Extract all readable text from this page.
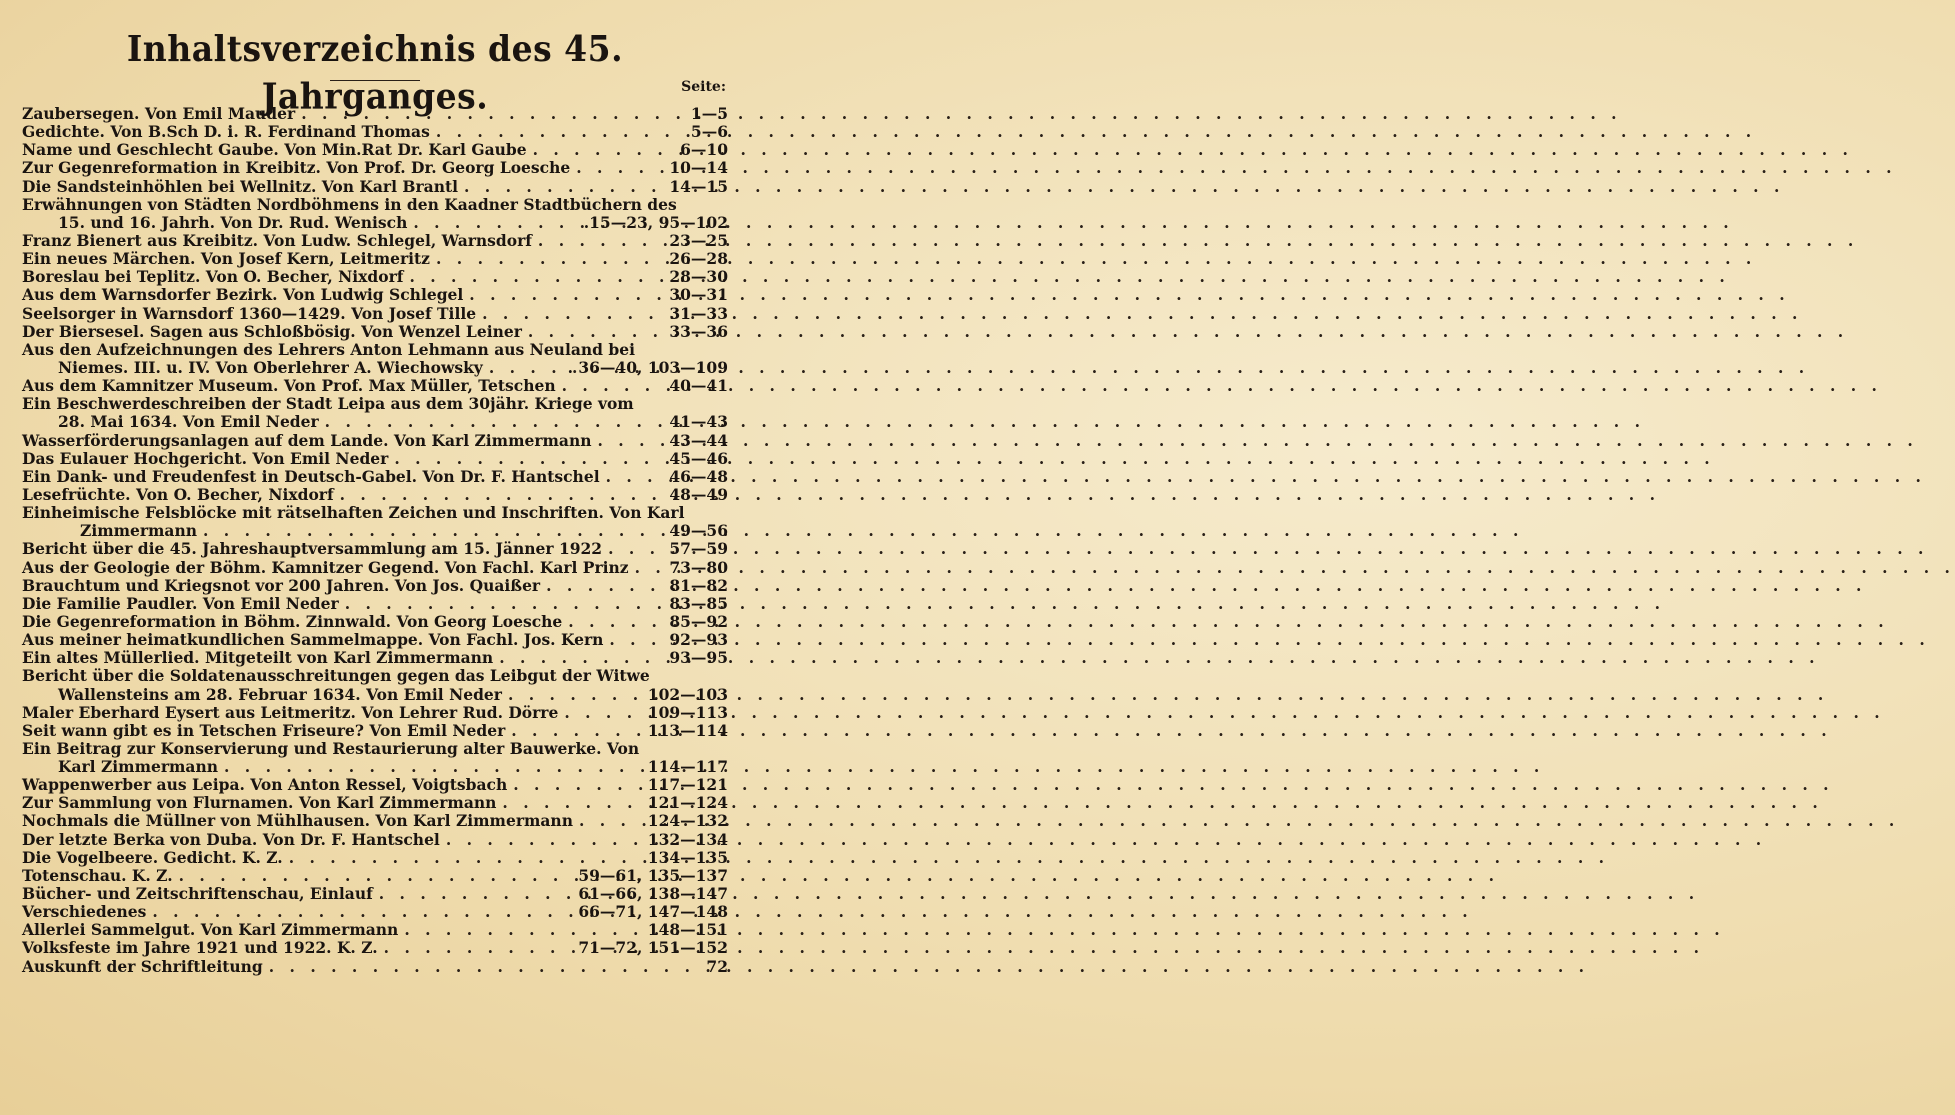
Inhaltsverzeichnis des 45. Jahrganges.	Seite:
Zaubersegen. Von Emil Mauder . . .	1—5
Gedichte. Von B.Sch D. i. R. Ferdinand Thomas . . .	5—6
Name und Geschlecht Gaube. Von Min.Rat Dr. Karl Gaube . . .	6—10
Zur Gegenreformation in Kreibitz. Von Prof. Dr. Georg Loesche . . .	10—14
Die Sandsteinhöhlen bei Wellnitz. Von Karl Brantl . . .	14—15
Erwähnungen von Städten Nordböhmens in den Kaadner Stadtbüchern des
15. und 16. Jahrh. Von Dr. Rud. Wenisch . . .	.15—23, 95—102
Franz Bienert aus Kreibitz. Von Ludw. Schlegel, Warnsdorf . . .	23—25
Ein neues Märchen. Von Josef Kern, Leitmeritz . . .	26—28
Boreslau bei Teplitz. Von O. Becher, Nixdorf . . .	28—30
Aus dem Warnsdorfer Bezirk. Von Ludwig Schlegel . . .	30—31
Seelsorger in Warnsdorf 1360—1429. Von Josef Tille . . .	31—33
Der Biersesel. Sagen aus Schloßbösig. Von Wenzel Leiner . . .	33—36
Aus den Aufzeichnungen des Lehrers Anton Lehmann aus Neuland bei
Niemes. III. u. IV. Von Oberlehrer A. Wiechowsky . . .	. 36—40, 103—109
Aus dem Kamnitzer Museum. Von Prof. Max Müller, Tetschen . . .	40—41
Ein Beschwerdeschreiben der Stadt Leipa aus dem 30jähr. Kriege vom
28. Mai 1634. Von Emil Neder . . .	41—43
Wasserförderungsanlagen auf dem Lande. Von Karl Zimmermann . . .	43—44
Das Eulauer Hochgericht. Von Emil Neder . . .	45—46
Ein Dank- und Freudenfest in Deutsch-Gabel. Von Dr. F. Hantschel . . .	46—48
Lesefrüchte. Von O. Becher, Nixdorf . . .	48—49
Einheimische Felsblöcke mit rätselhaften Zeichen und Inschriften. Von Karl
Zimmermann . . .	49—56
Bericht über die 45. Jahreshauptversammlung am 15. Jänner 1922 . . .	57—59
Aus der Geologie der Böhm. Kamnitzer Gegend. Von Fachl. Karl Prinz . . .	73—80
Brauchtum und Kriegsnot vor 200 Jahren. Von Jos. Quaißer . . .	81—82
Die Familie Paudler. Von Emil Neder . . .	83—85
Die Gegenreformation in Böhm. Zinnwald. Von Georg Loesche . . .	85—92
Aus meiner heimatkundlichen Sammelmappe. Von Fachl. Jos. Kern . . .	92—93
Ein altes Müllerlied. Mitgeteilt von Karl Zimmermann . . .	93—95
Bericht über die Soldatenausschreitungen gegen das Leibgut der Witwe
Wallensteins am 28. Februar 1634. Von Emil Neder . . .	102—103
Maler Eberhard Eysert aus Leitmeritz. Von Lehrer Rud. Dörre . . .	109—113
Seit wann gibt es in Tetschen Friseure? Von Emil Neder . . .	113—114
Ein Beitrag zur Konservierung und Restaurierung alter Bauwerke. Von
Karl Zimmermann . . .	114—117
Wappenwerber aus Leipa. Von Anton Ressel, Voigtsbach . . .	117—121
Zur Sammlung von Flurnamen. Von Karl Zimmermann . . .	121—124
Nochmals die Müllner von Mühlhausen. Von Karl Zimmermann . . .	124—132
Der letzte Berka von Duba. Von Dr. F. Hantschel . . .	132—134
Die Vogelbeere. Gedicht. K. Z. . . .	134—135
Totenschau. K. Z. . . .	59—61, 135—137
Bücher- und Zeitschriftenschau, Einlauf . . .	61—66, 138—147
Verschiedenes . . .	66—71, 147—148
Allerlei Sammelgut. Von Karl Zimmermann . . .	148—151
Volksfeste im Jahre 1921 und 1922. K. Z. . . .	71—72, 151—152
Auskunft der Schriftleitung . . .	72
